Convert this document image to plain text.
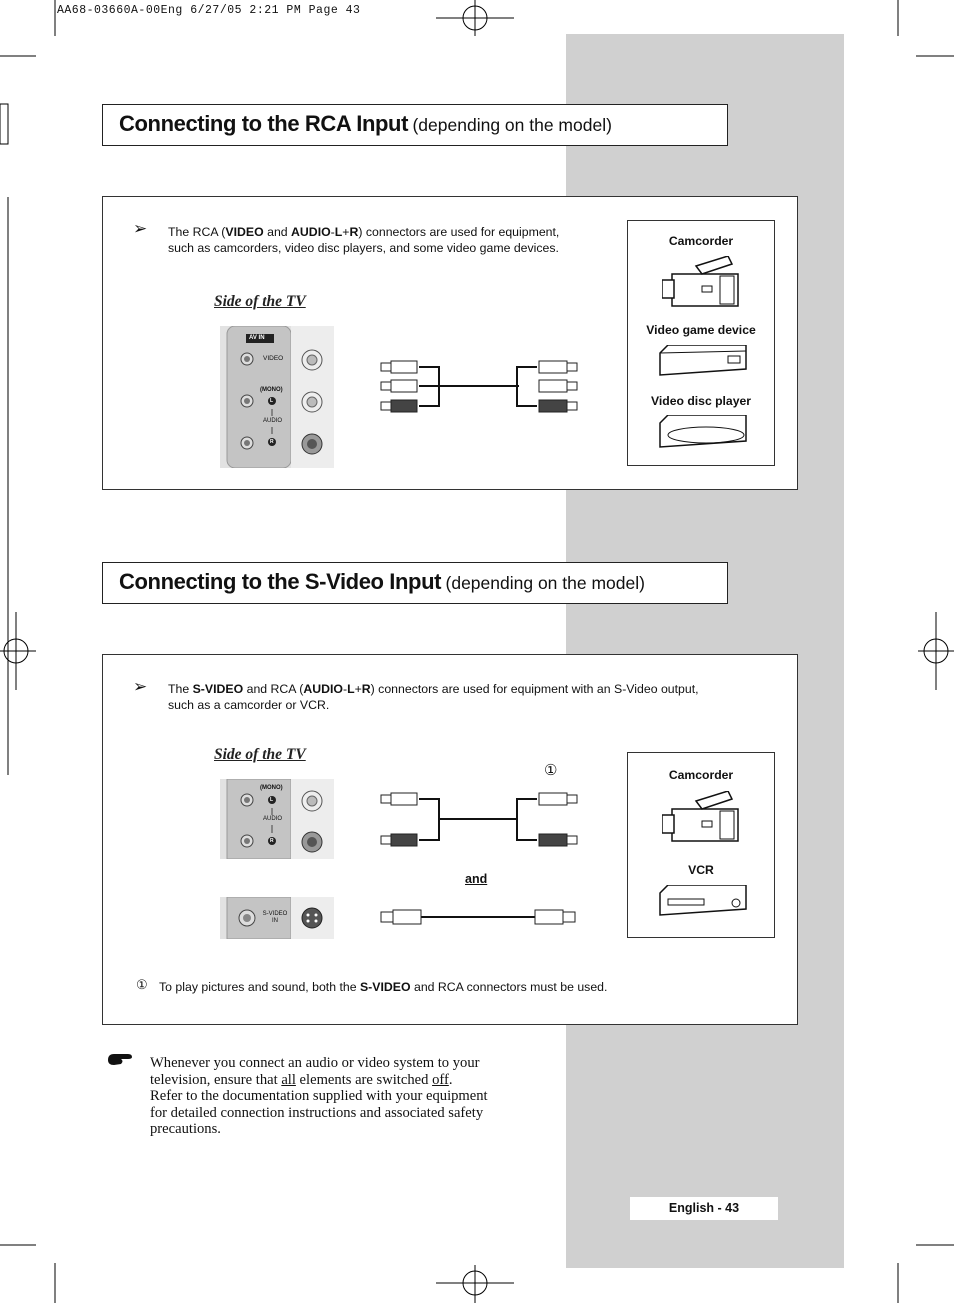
AA68-03660A-00Eng 6/27/05 2:21 PM Page 43
Connecting to the RCA Input (depending on the model)
➢ The RCA (VIDEO and AUDIO-L+R) connectors are used for equipment,
such as camcorders, video disc players, and some video game devices.
Side of the TV
AV IN
VIDEO
(MONO)
L
AUDIO
R
Camcorder
Video game device
Video disc player
Connecting to the S-Video Input (depending on the model)
➢ The S-VIDEO and RCA (AUDIO-L+R) connectors are used for equipment with an S-Video output,
such as a camcorder or VCR.
Side of the TV
①
(MONO)
L
AUDIO
R
and
S-VIDEO IN
Camcorder
VCR
① To play pictures and sound, both the S-VIDEO and RCA connectors must be used.
Whenever you connect an audio or video system to your
television, ensure that all elements are switched off.
Refer to the documentation supplied with your equipment
for detailed connection instructions and associated safety
precautions.
English - 43
